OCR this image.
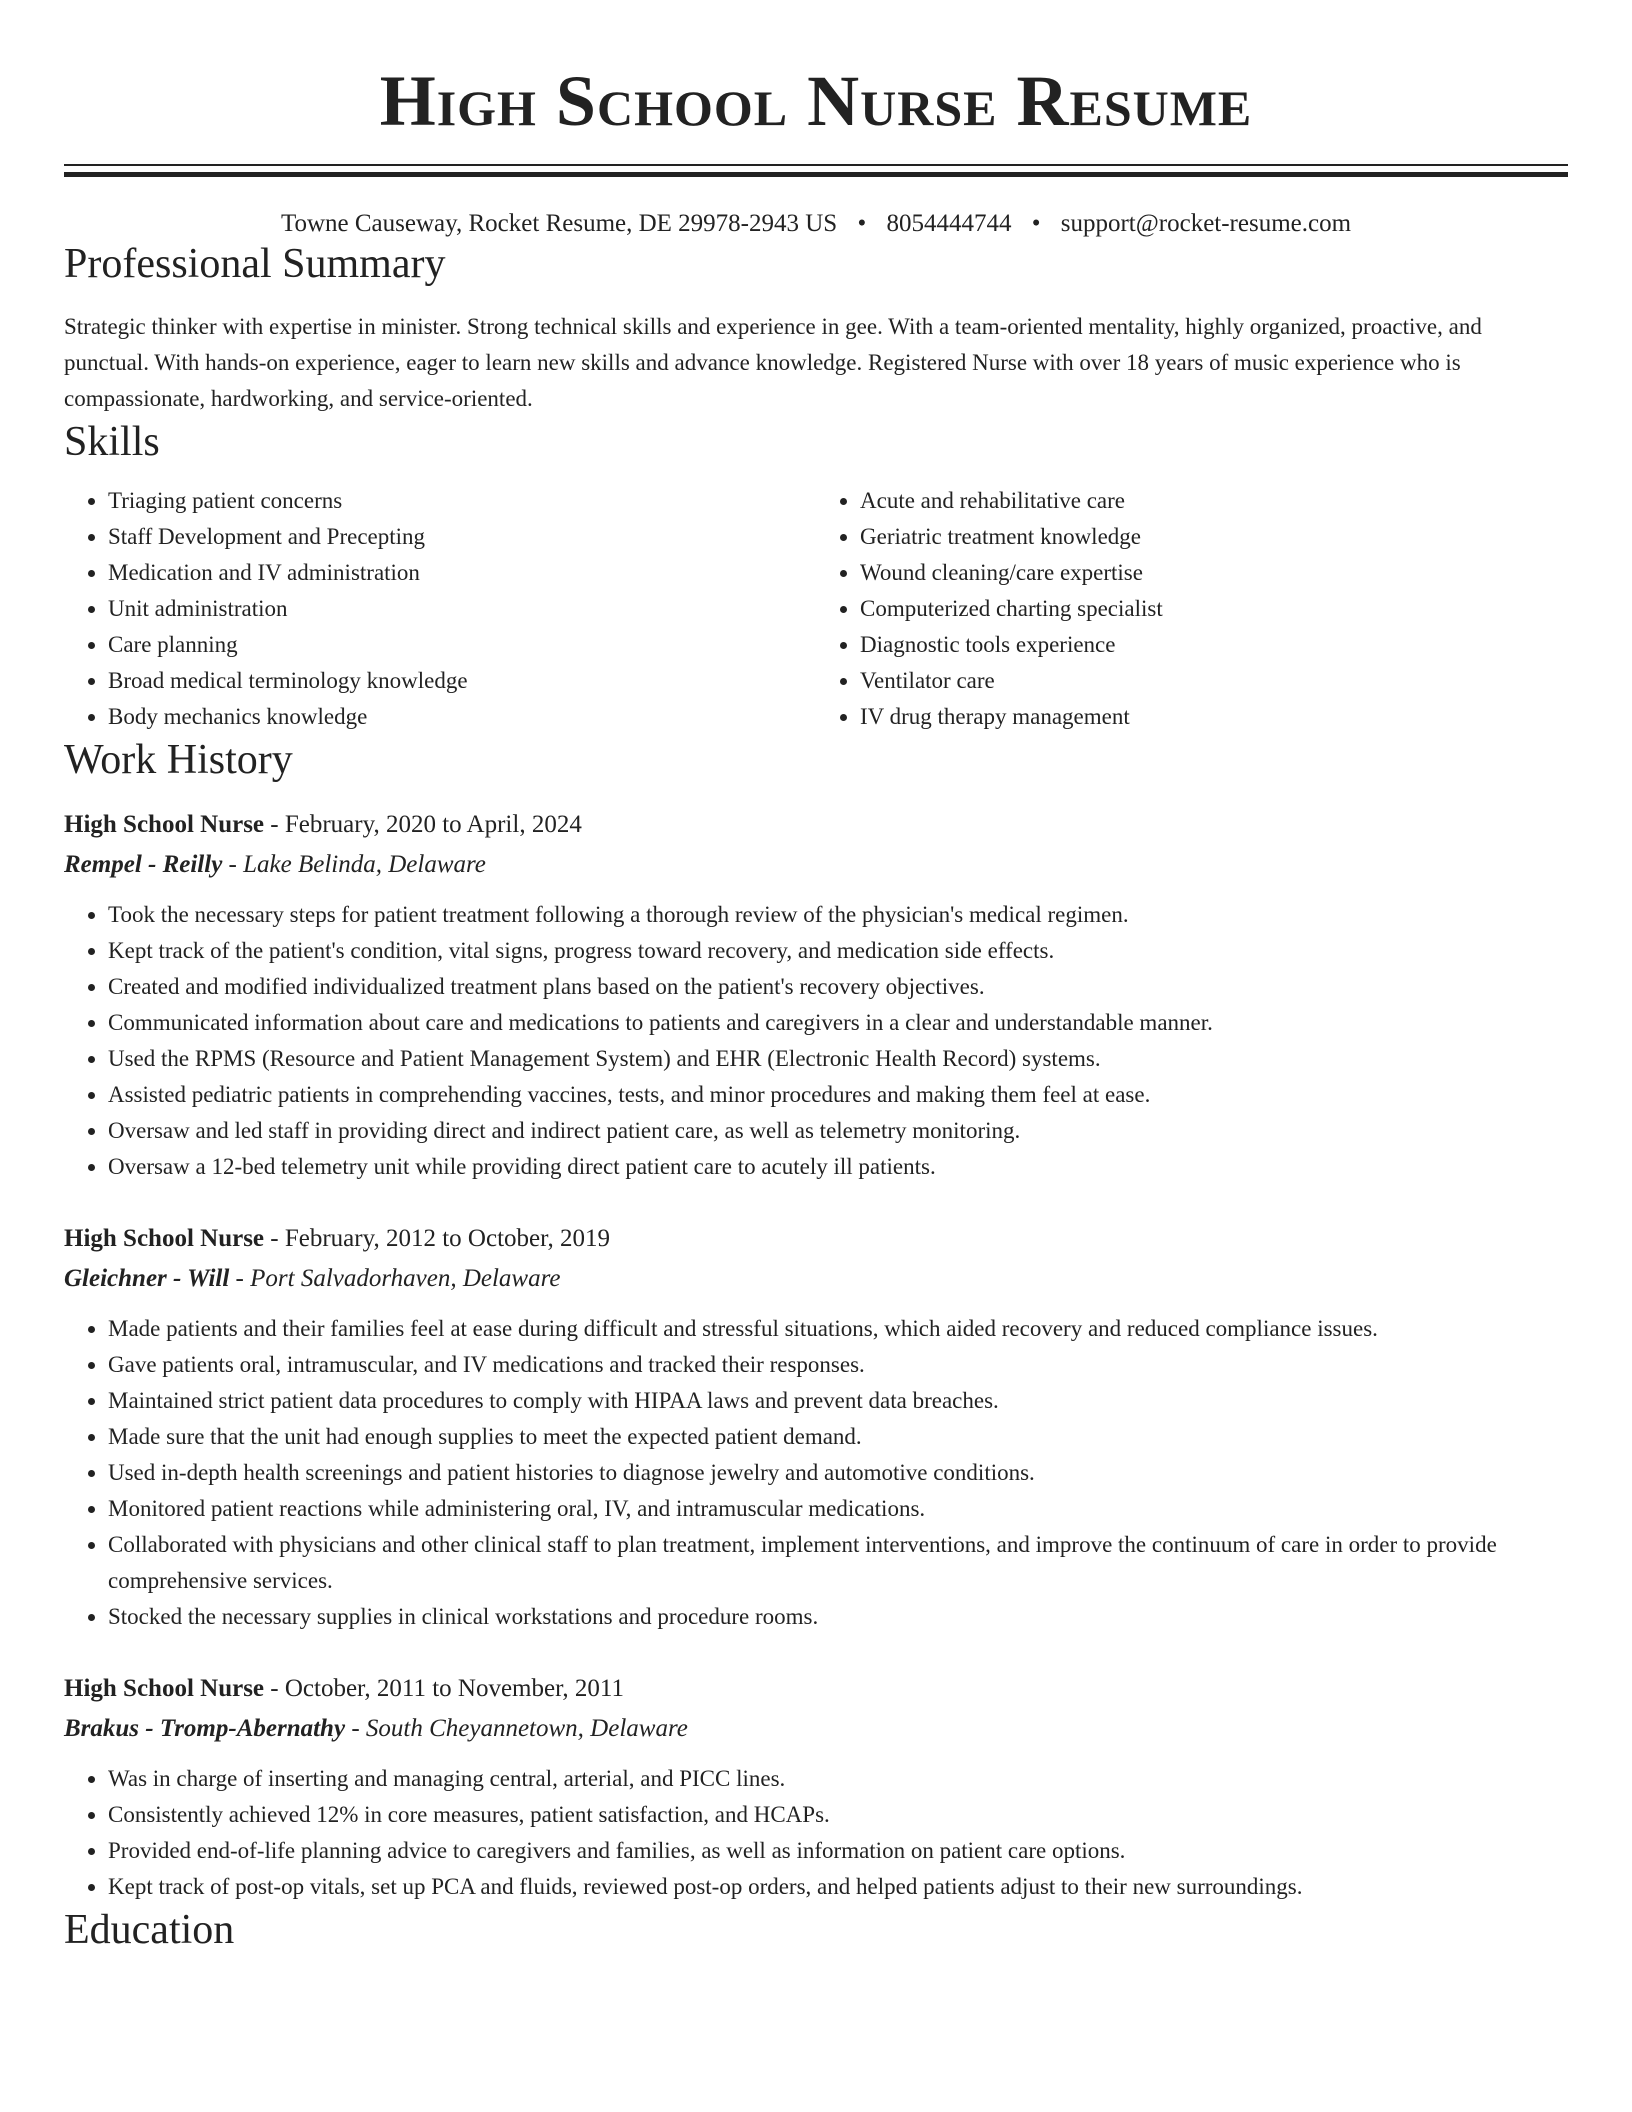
High School Nurse Resume
Towne Causeway, Rocket Resume, DE 29978-2943 US • 8054444744 • support@rocket-resume.com
Professional Summary

Strategic thinker with expertise in minister. Strong technical skills and experience in gee. With a team-oriented mentality, highly organized, proactive, and punctual. With hands-on experience, eager to learn new skills and advance knowledge. Registered Nurse with over 18 years of music experience who is compassionate, hardworking, and service-oriented.

Skills
• Triaging patient concerns
• Staff Development and Precepting
• Medication and IV administration
• Unit administration
• Care planning
• Broad medical terminology knowledge
• Body mechanics knowledge
• Acute and rehabilitative care
• Geriatric treatment knowledge
• Wound cleaning/care expertise
• Computerized charting specialist
• Diagnostic tools experience
• Ventilator care
• IV drug therapy management
Work History
High School Nurse - February, 2020 to April, 2024
Rempel - Reilly - Lake Belinda, Delaware
• Took the necessary steps for patient treatment following a thorough review of the physician's medical regimen.
• Kept track of the patient's condition, vital signs, progress toward recovery, and medication side effects.
• Created and modified individualized treatment plans based on the patient's recovery objectives.
• Communicated information about care and medications to patients and caregivers in a clear and understandable manner.
• Used the RPMS (Resource and Patient Management System) and EHR (Electronic Health Record) systems.
• Assisted pediatric patients in comprehending vaccines, tests, and minor procedures and making them feel at ease.
• Oversaw and led staff in providing direct and indirect patient care, as well as telemetry monitoring.
• Oversaw a 12-bed telemetry unit while providing direct patient care to acutely ill patients.
High School Nurse - February, 2012 to October, 2019
Gleichner - Will - Port Salvadorhaven, Delaware
• Made patients and their families feel at ease during difficult and stressful situations, which aided recovery and reduced compliance issues.
• Gave patients oral, intramuscular, and IV medications and tracked their responses.
• Maintained strict patient data procedures to comply with HIPAA laws and prevent data breaches.
• Made sure that the unit had enough supplies to meet the expected patient demand.
• Used in-depth health screenings and patient histories to diagnose jewelry and automotive conditions.
• Monitored patient reactions while administering oral, IV, and intramuscular medications.
• Collaborated with physicians and other clinical staff to plan treatment, implement interventions, and improve the continuum of care in order to provide comprehensive services.
• Stocked the necessary supplies in clinical workstations and procedure rooms.
High School Nurse - October, 2011 to November, 2011
Brakus - Tromp-Abernathy - South Cheyannetown, Delaware
• Was in charge of inserting and managing central, arterial, and PICC lines.
• Consistently achieved 12% in core measures, patient satisfaction, and HCAPs.
• Provided end-of-life planning advice to caregivers and families, as well as information on patient care options.
• Kept track of post-op vitals, set up PCA and fluids, reviewed post-op orders, and helped patients adjust to their new surroundings.
Education
